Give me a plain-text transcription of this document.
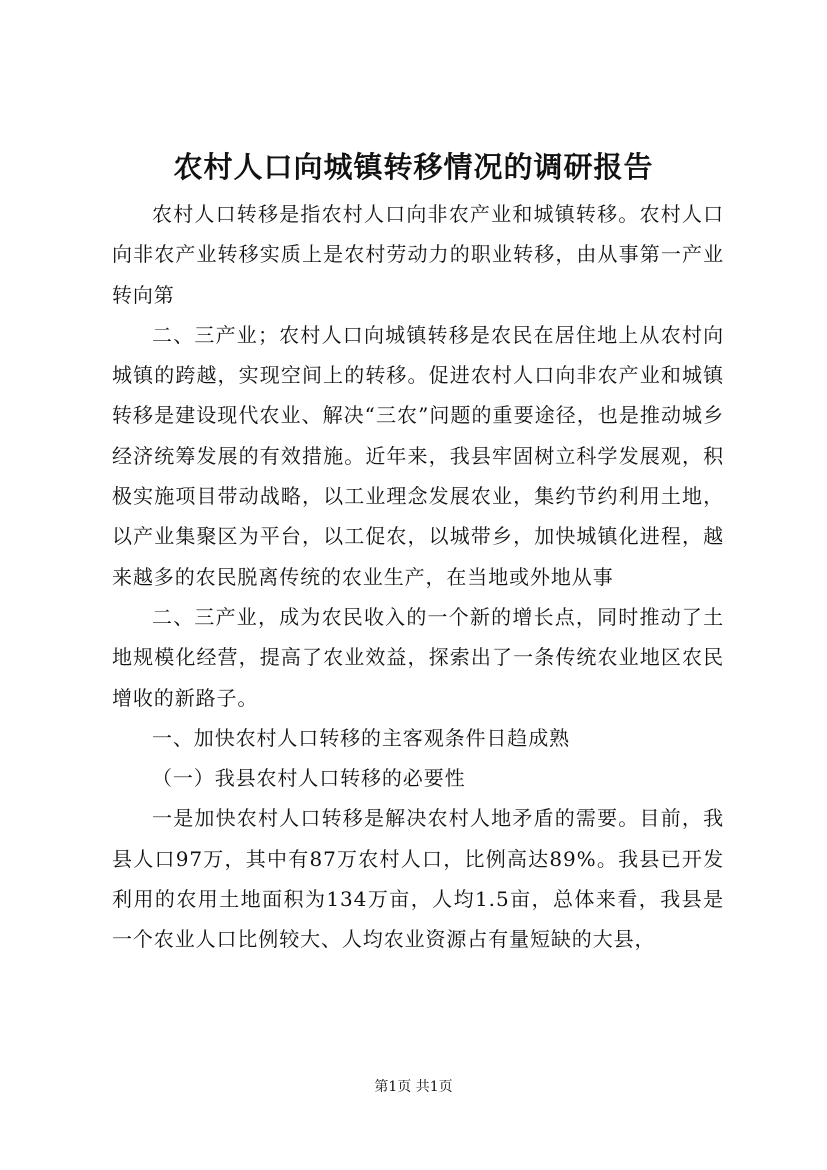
农村人口向城镇转移情况的调研报告

农村人口转移是指农村人口向非农产业和城镇转移。农村人口向非农产业转移实质上是农村劳动力的职业转移，由从事第一产业转向第

二、三产业；农村人口向城镇转移是农民在居住地上从农村向城镇的跨越，实现空间上的转移。促进农村人口向非农产业和城镇转移是建设现代农业、解决“三农”问题的重要途径，也是推动城乡经济统筹发展的有效措施。近年来，我县牢固树立科学发展观，积极实施项目带动战略，以工业理念发展农业，集约节约利用土地，以产业集聚区为平台，以工促农，以城带乡，加快城镇化进程，越来越多的农民脱离传统的农业生产，在当地或外地从事

二、三产业，成为农民收入的一个新的增长点，同时推动了土地规模化经营，提高了农业效益，探索出了一条传统农业地区农民增收的新路子。

一、加快农村人口转移的主客观条件日趋成熟

（一）我县农村人口转移的必要性

一是加快农村人口转移是解决农村人地矛盾的需要。目前，我县人口97万，其中有87万农村人口，比例高达89%。我县已开发利用的农用土地面积为134万亩，人均1.5亩，总体来看，我县是一个农业人口比例较大、人均农业资源占有量短缺的大县，

第1页 共1页
